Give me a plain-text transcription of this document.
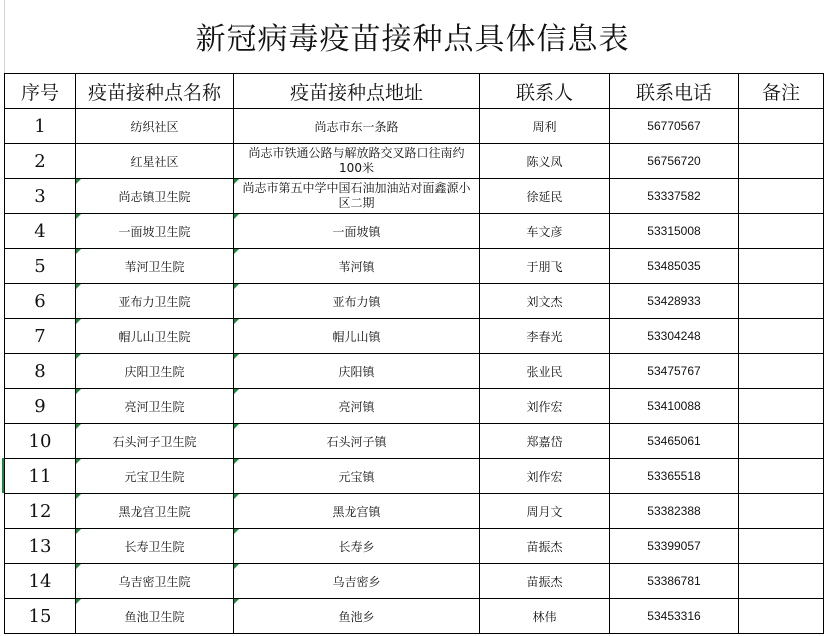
新冠病毒疫苗接种点具体信息表
序号	疫苗接种点名称	疫苗接种点地址	联系人	联系电话	备注
1	纺织社区	尚志市东一条路	周利	56770567	
2	红星社区	尚志市铁通公路与解放路交叉路口往南约100米	陈义凤	56756720	
3	尚志镇卫生院	尚志市第五中学中国石油加油站对面鑫源小区二期	徐延民	53337582	
4	一面坡卫生院	一面坡镇	车文彦	53315008	
5	苇河卫生院	苇河镇	于朋飞	53485035	
6	亚布力卫生院	亚布力镇	刘文杰	53428933	
7	帽儿山卫生院	帽儿山镇	李春光	53304248	
8	庆阳卫生院	庆阳镇	张业民	53475767	
9	亮河卫生院	亮河镇	刘作宏	53410088	
10	石头河子卫生院	石头河子镇	郑嘉岱	53465061	
11	元宝卫生院	元宝镇	刘作宏	53365518	
12	黑龙宫卫生院	黑龙宫镇	周月文	53382388	
13	长寿卫生院	长寿乡	苗振杰	53399057	
14	乌吉密卫生院	乌吉密乡	苗振杰	53386781	
15	鱼池卫生院	鱼池乡	林伟	53453316	
